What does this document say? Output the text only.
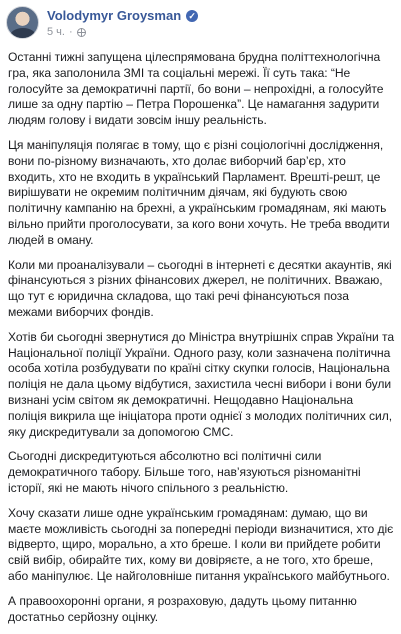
Volodymyr Groysman ✓
5 ч. ·

Останні тижні запущена цілеспрямована брудна політтехнологічна гра, яка заполонила ЗМІ та соціальні мережі. Її суть така: “Не голосуйте за демократичні партії, бо вони – непрохідні, а голосуйте лише за одну партію – Петра Порошенка”. Це намагання задурити людям голову і видати зовсім іншу реальність.

Ця маніпуляція полягає в тому, що є різні соціологічні дослідження, вони по-різному визначають, хто долає виборчий бар’єр, хто входить, хто не входить в український Парламент. Врешті-решт, це вирішувати не окремим політичним діячам, які будують свою політичну кампанію на брехні, а українським громадянам, які мають вільно прийти проголосувати, за кого вони хочуть. Не треба вводити людей в оману.

Коли ми проаналізували – сьогодні в інтернеті є десятки акаунтів, які фінансуються з різних фінансових джерел, не політичних. Вважаю, що тут є юридична складова, що такі речі фінансуються поза межами виборчих фондів.

Хотів би сьогодні звернутися до Міністра внутрішніх справ України та Національної поліції України. Одного разу, коли зазначена політична особа хотіла розбудувати по країні сітку скупки голосів, Національна поліція не дала цьому відбутися, захистила чесні вибори і вони були визнані усім світом як демократичні. Нещодавно Національна поліція викрила ще ініціатора проти однієї з молодих політичних сил, яку дискредитували за допомогою СМС.

Сьогодні дискредитуються абсолютно всі політичні сили демократичного табору. Більше того, нав’язуються різноманітні історії, які не мають нічого спільного з реальністю.

Хочу сказати лише одне українським громадянам: думаю, що ви маєте можливість сьогодні за попередні періоди визначитися, хто діє відверто, щиро, морально, а хто бреше. І коли ви прийдете робити свій вибір, обирайте тих, кому ви довіряєте, а не того, хто бреше, або маніпулює. Це найголовніше питання українського майбутнього.

А правоохоронні органи, я розраховую, дадуть цьому питанню достатньо серйозну оцінку.
